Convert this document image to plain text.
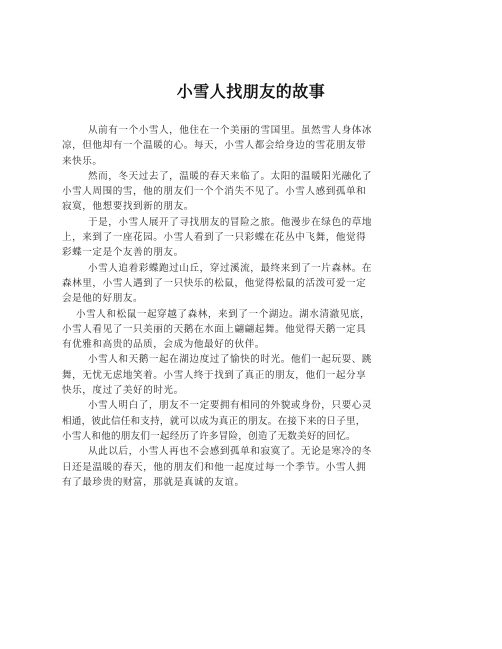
小雪人找朋友的故事

从前有一个小雪人，他住在一个美丽的雪国里。虽然雪人身体冰
凉，但他却有一个温暖的心。每天，小雪人都会给身边的雪花朋友带
来快乐。

然而，冬天过去了，温暖的春天来临了。太阳的温暖阳光融化了
小雪人周围的雪，他的朋友们一个个消失不见了。小雪人感到孤单和
寂寞，他想要找到新的朋友。

于是，小雪人展开了寻找朋友的冒险之旅。他漫步在绿色的草地
上，来到了一座花园。小雪人看到了一只彩蝶在花丛中飞舞，他觉得
彩蝶一定是个友善的朋友。

小雪人追着彩蝶跑过山丘，穿过溪流，最终来到了一片森林。在
森林里，小雪人遇到了一只快乐的松鼠，他觉得松鼠的活泼可爱一定
会是他的好朋友。

小雪人和松鼠一起穿越了森林，来到了一个湖边。湖水清澈见底，
小雪人看见了一只美丽的天鹅在水面上翩翩起舞。他觉得天鹅一定具
有优雅和高贵的品质，会成为他最好的伙伴。

小雪人和天鹅一起在湖边度过了愉快的时光。他们一起玩耍、跳
舞，无忧无虑地笑着。小雪人终于找到了真正的朋友，他们一起分享
快乐，度过了美好的时光。

小雪人明白了，朋友不一定要拥有相同的外貌或身份，只要心灵
相通，彼此信任和支持，就可以成为真正的朋友。在接下来的日子里，
小雪人和他的朋友们一起经历了许多冒险，创造了无数美好的回忆。

从此以后，小雪人再也不会感到孤单和寂寞了。无论是寒冷的冬
日还是温暖的春天，他的朋友们和他一起度过每一个季节。小雪人拥
有了最珍贵的财富，那就是真诚的友谊。
